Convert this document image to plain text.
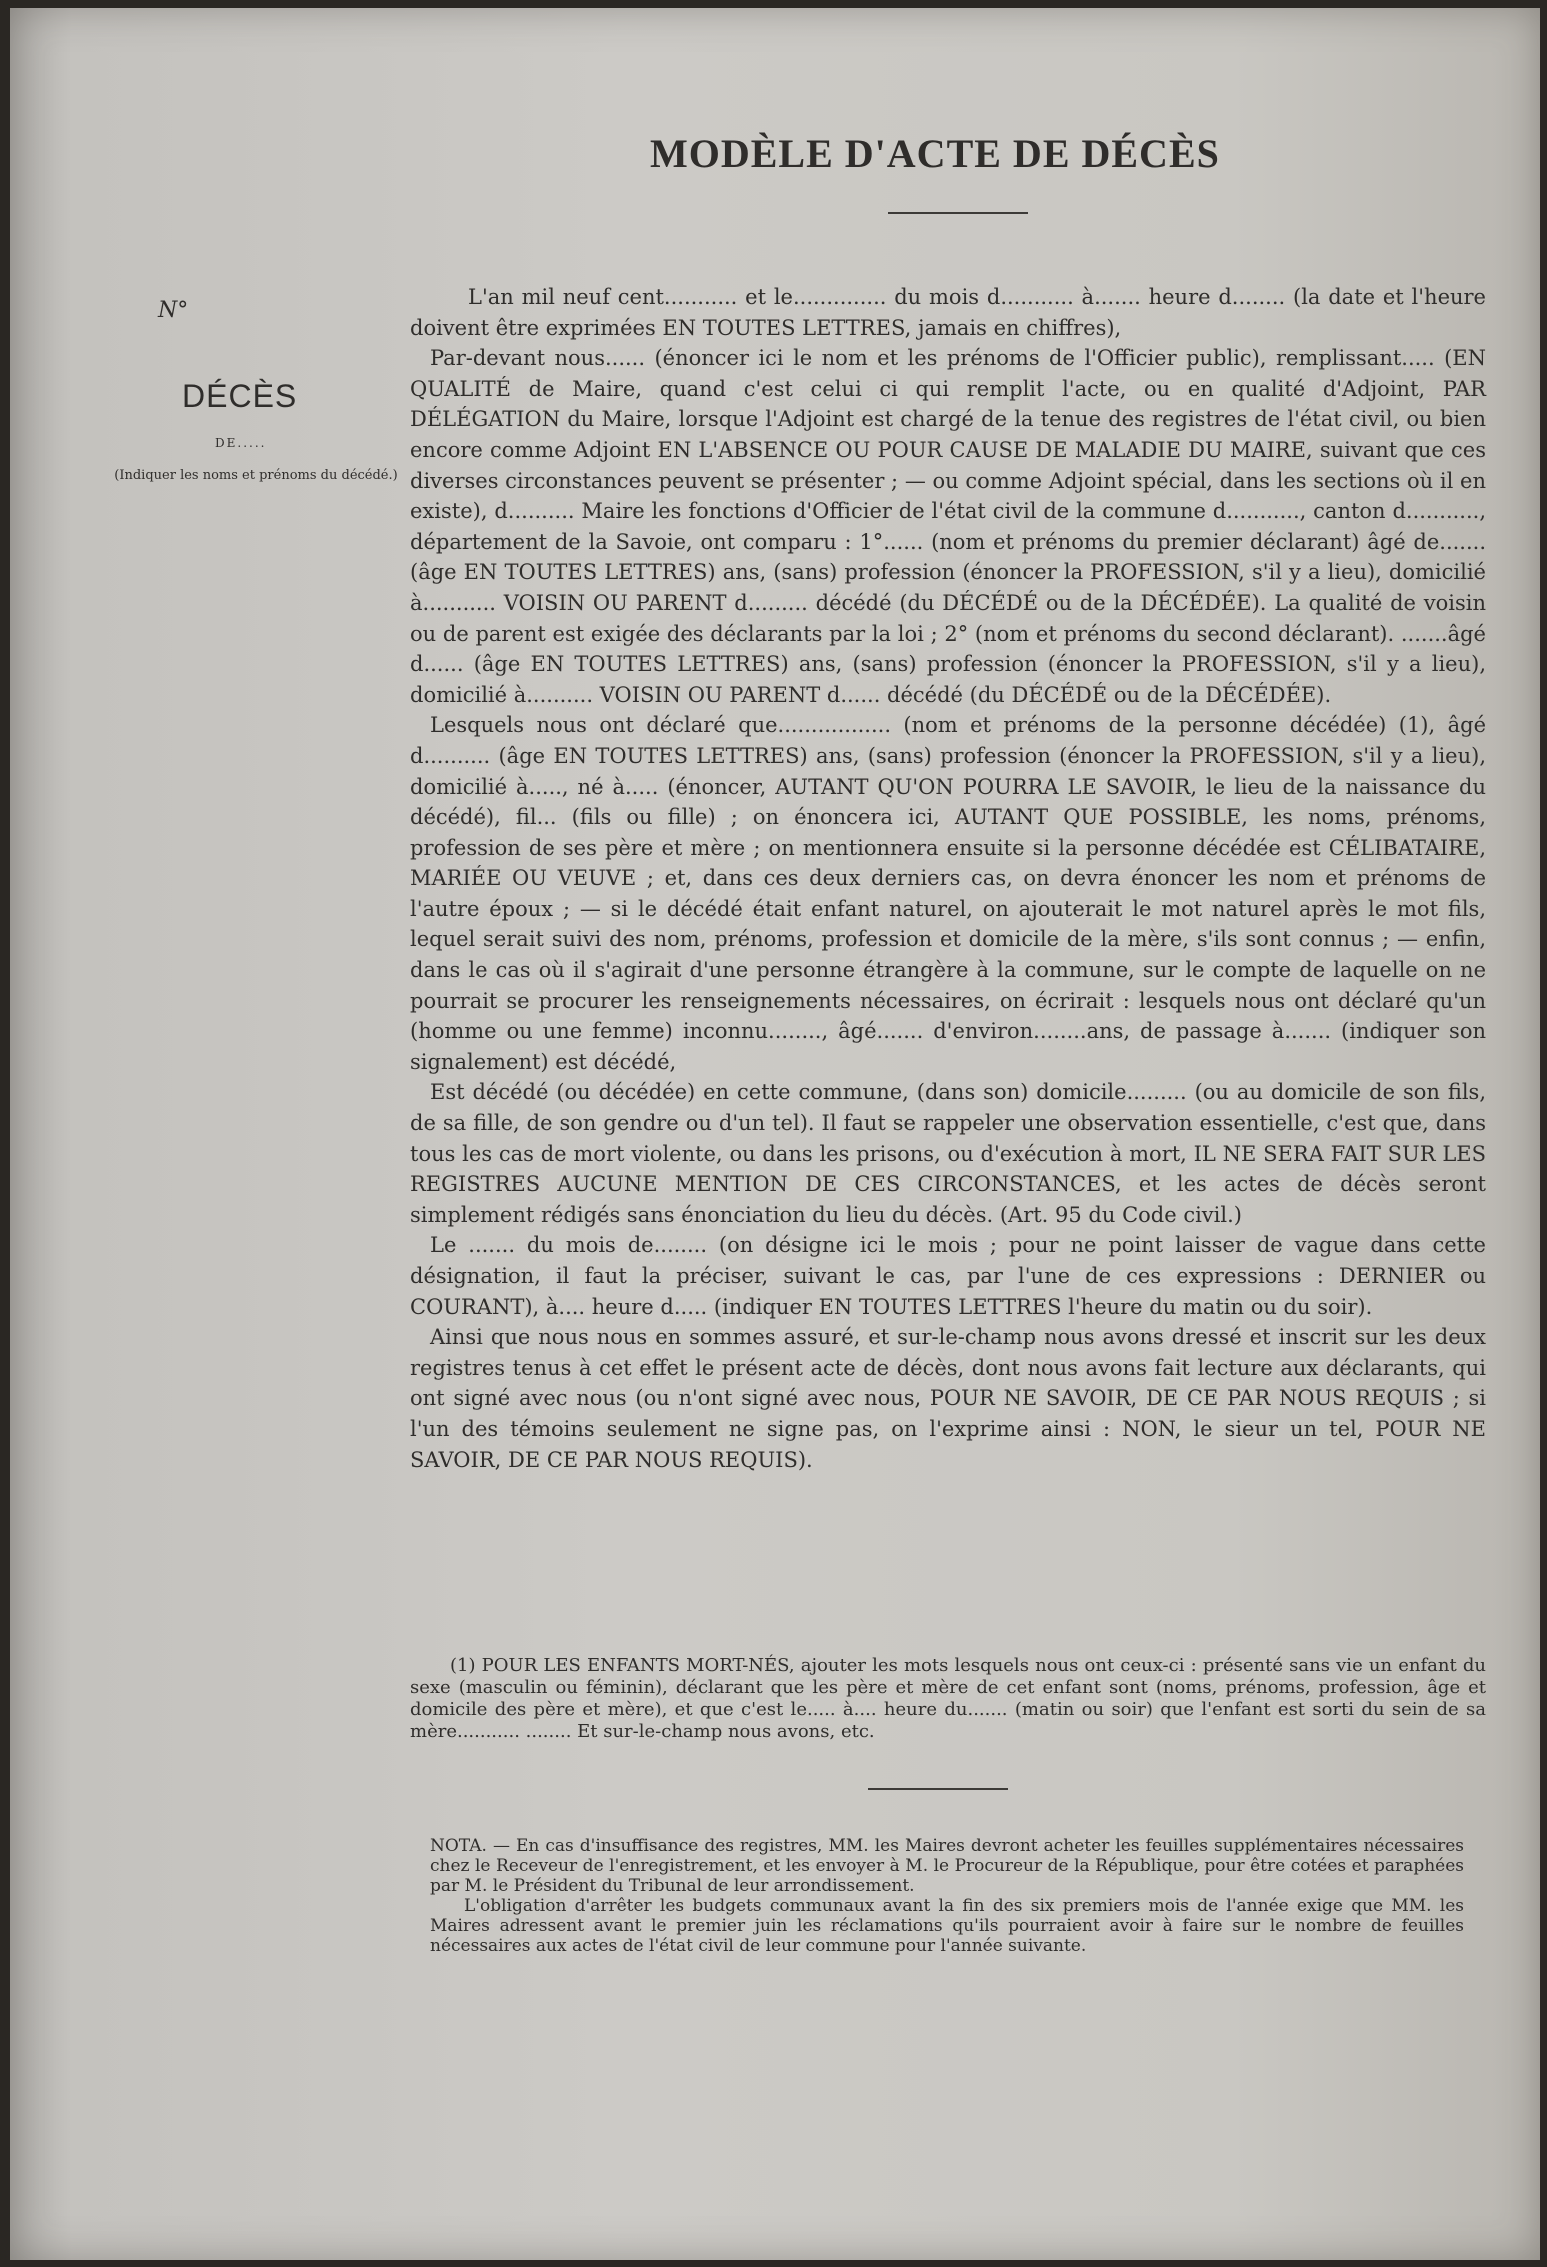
MODÈLE D'ACTE DE DÉCÈS

N°

DÉCÈS

DE.....

(Indiquer les noms et prénoms du décédé.)

L'an mil neuf cent........... et le.............. du mois d........... à....... heure d........ (la date et l'heure doivent être exprimées EN TOUTES LETTRES, jamais en chiffres),

Par-devant nous...... (énoncer ici le nom et les prénoms de l'Officier public), remplissant..... (EN QUALITÉ de Maire, quand c'est celui ci qui remplit l'acte, ou en qualité d'Adjoint, PAR DÉLÉGATION du Maire, lorsque l'Adjoint est chargé de la tenue des registres de l'état civil, ou bien encore comme Adjoint EN L'ABSENCE OU POUR CAUSE DE MALADIE DU MAIRE, suivant que ces diverses circonstances peuvent se présenter ; — ou comme Adjoint spécial, dans les sections où il en existe), d.......... Maire les fonctions d'Officier de l'état civil de la commune d..........., canton d..........., département de la Savoie, ont comparu : 1°...... (nom et prénoms du premier déclarant) âgé de....... (âge EN TOUTES LETTRES) ans, (sans) profession (énoncer la PROFESSION, s'il y a lieu), domicilié à........... VOISIN OU PARENT d......... décédé (du DÉCÉDÉ ou de la DÉCÉDÉE). La qualité de voisin ou de parent est exigée des déclarants par la loi ; 2° (nom et prénoms du second déclarant). .......âgé d...... (âge EN TOUTES LETTRES) ans, (sans) profession (énoncer la PROFESSION, s'il y a lieu), domicilié à.......... VOISIN OU PARENT d...... décédé (du DÉCÉDÉ ou de la DÉCÉDÉE).

Lesquels nous ont déclaré que................. (nom et prénoms de la personne décédée) (1), âgé d.......... (âge EN TOUTES LETTRES) ans, (sans) profession (énoncer la PROFESSION, s'il y a lieu), domicilié à....., né à..... (énoncer, AUTANT QU'ON POURRA LE SAVOIR, le lieu de la naissance du décédé), fil... (fils ou fille) ; on énoncera ici, AUTANT QUE POSSIBLE, les noms, prénoms, profession de ses père et mère ; on mentionnera ensuite si la personne décédée est CÉLIBATAIRE, MARIÉE OU VEUVE ; et, dans ces deux derniers cas, on devra énoncer les nom et prénoms de l'autre époux ; — si le décédé était enfant naturel, on ajouterait le mot naturel après le mot fils, lequel serait suivi des nom, prénoms, profession et domicile de la mère, s'ils sont connus ; — enfin, dans le cas où il s'agirait d'une personne étrangère à la commune, sur le compte de laquelle on ne pourrait se procurer les renseignements nécessaires, on écrirait : lesquels nous ont déclaré qu'un (homme ou une femme) inconnu........, âgé....... d'environ........ans, de passage à....... (indiquer son signalement) est décédé,

Est décédé (ou décédée) en cette commune, (dans son) domicile......... (ou au domicile de son fils, de sa fille, de son gendre ou d'un tel). Il faut se rappeler une observation essentielle, c'est que, dans tous les cas de mort violente, ou dans les prisons, ou d'exécution à mort, IL NE SERA FAIT SUR LES REGISTRES AUCUNE MENTION DE CES CIRCONSTANCES, et les actes de décès seront simplement rédigés sans énonciation du lieu du décès. (Art. 95 du Code civil.)

Le ....... du mois de........ (on désigne ici le mois ; pour ne point laisser de vague dans cette désignation, il faut la préciser, suivant le cas, par l'une de ces expressions : DERNIER ou COURANT), à.... heure d..... (indiquer EN TOUTES LETTRES l'heure du matin ou du soir).

Ainsi que nous nous en sommes assuré, et sur-le-champ nous avons dressé et inscrit sur les deux registres tenus à cet effet le présent acte de décès, dont nous avons fait lecture aux déclarants, qui ont signé avec nous (ou n'ont signé avec nous, POUR NE SAVOIR, DE CE PAR NOUS REQUIS ; si l'un des témoins seulement ne signe pas, on l'exprime ainsi : NON, le sieur un tel, POUR NE SAVOIR, DE CE PAR NOUS REQUIS).

(1) POUR LES ENFANTS MORT-NÉS, ajouter les mots lesquels nous ont ceux-ci : présenté sans vie un enfant du sexe (masculin ou féminin), déclarant que les père et mère de cet enfant sont (noms, prénoms, profession, âge et domicile des père et mère), et que c'est le..... à.... heure du....... (matin ou soir) que l'enfant est sorti du sein de sa mère........... ........ Et sur-le-champ nous avons, etc.

NOTA. — En cas d'insuffisance des registres, MM. les Maires devront acheter les feuilles supplémentaires nécessaires chez le Receveur de l'enregistrement, et les envoyer à M. le Procureur de la République, pour être cotées et paraphées par M. le Président du Tribunal de leur arrondissement.

L'obligation d'arrêter les budgets communaux avant la fin des six premiers mois de l'année exige que MM. les Maires adressent avant le premier juin les réclamations qu'ils pourraient avoir à faire sur le nombre de feuilles nécessaires aux actes de l'état civil de leur commune pour l'année suivante.
